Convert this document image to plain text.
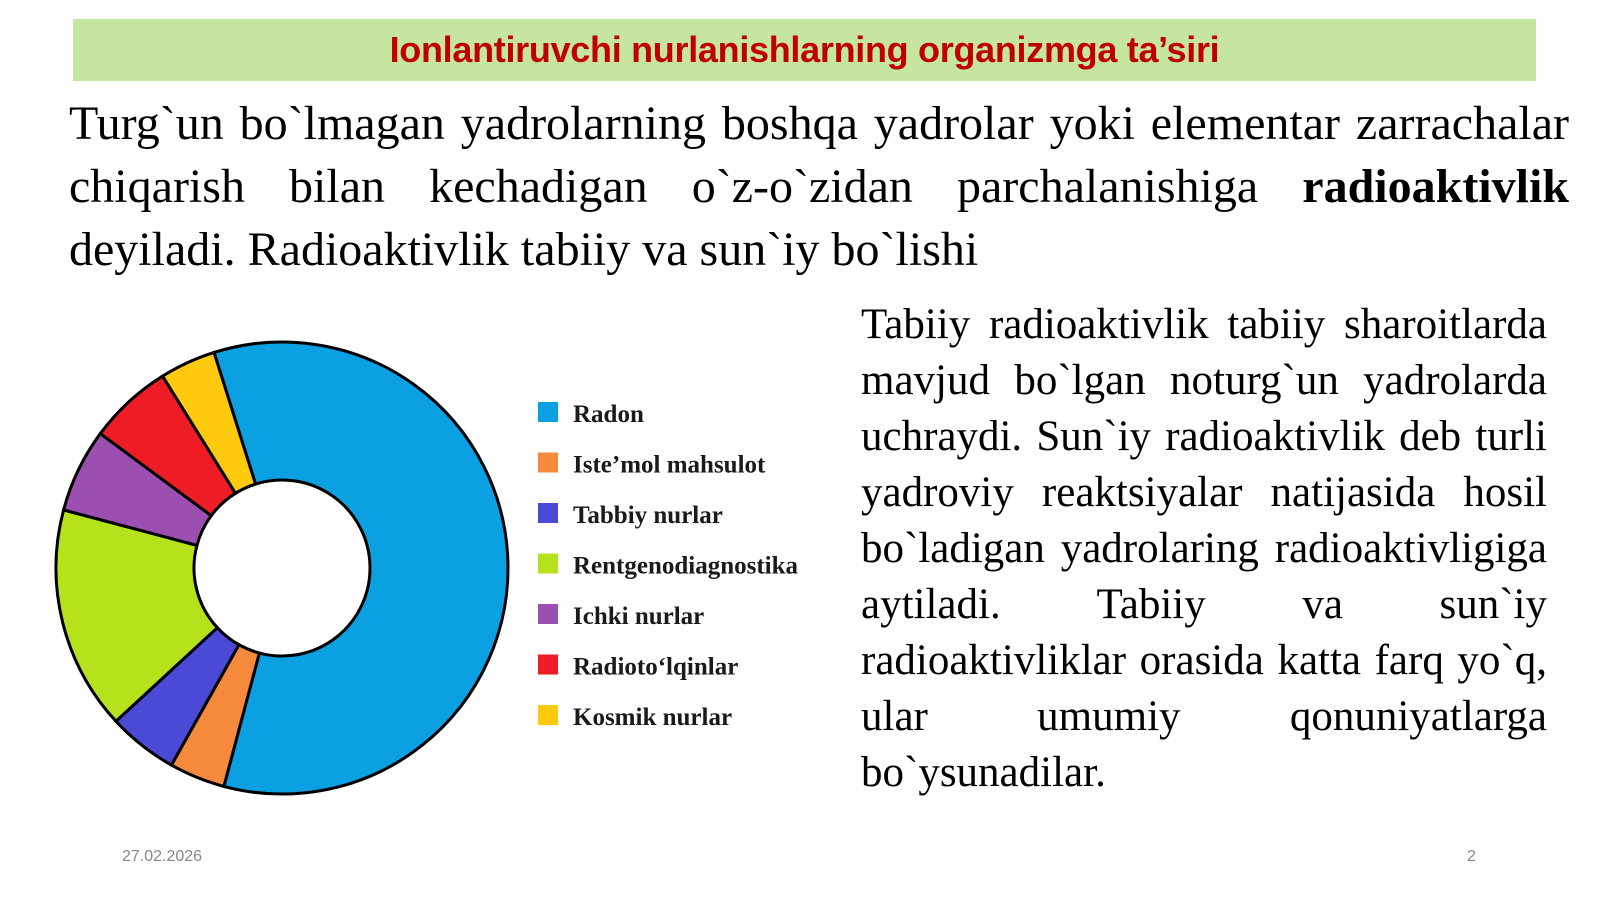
Ionlantiruvchi nurlanishlarning organizmga ta’siri
Turg`un bo`lmagan yadrolarning boshqa yadrolar yoki elementar zarrachalar chiqarish bilan kechadigan o`z-o`zidan parchalanishiga radioaktivlik deyiladi. Radioaktivlik tabiiy va sun`iy bo`lishi
Radon
Iste’mol mahsulot
Tabbiy nurlar
Rentgenodiagnostika
Ichki nurlar
Radioto‘lqinlar
Kosmik nurlar
Tabiiy radioaktivlik tabiiy sharoitlarda mavjud bo`lgan noturg`un yadrolarda uchraydi. Sun`iy radioaktivlik deb turli yadroviy reaktsiyalar natijasida hosil bo`ladigan yadrolaring radioaktivligiga aytiladi. Tabiiy va sun`iy radioaktivliklar orasida katta farq yo`q, ular umumiy qonuniyatlarga bo`ysunadilar.
27.02.2026	2
